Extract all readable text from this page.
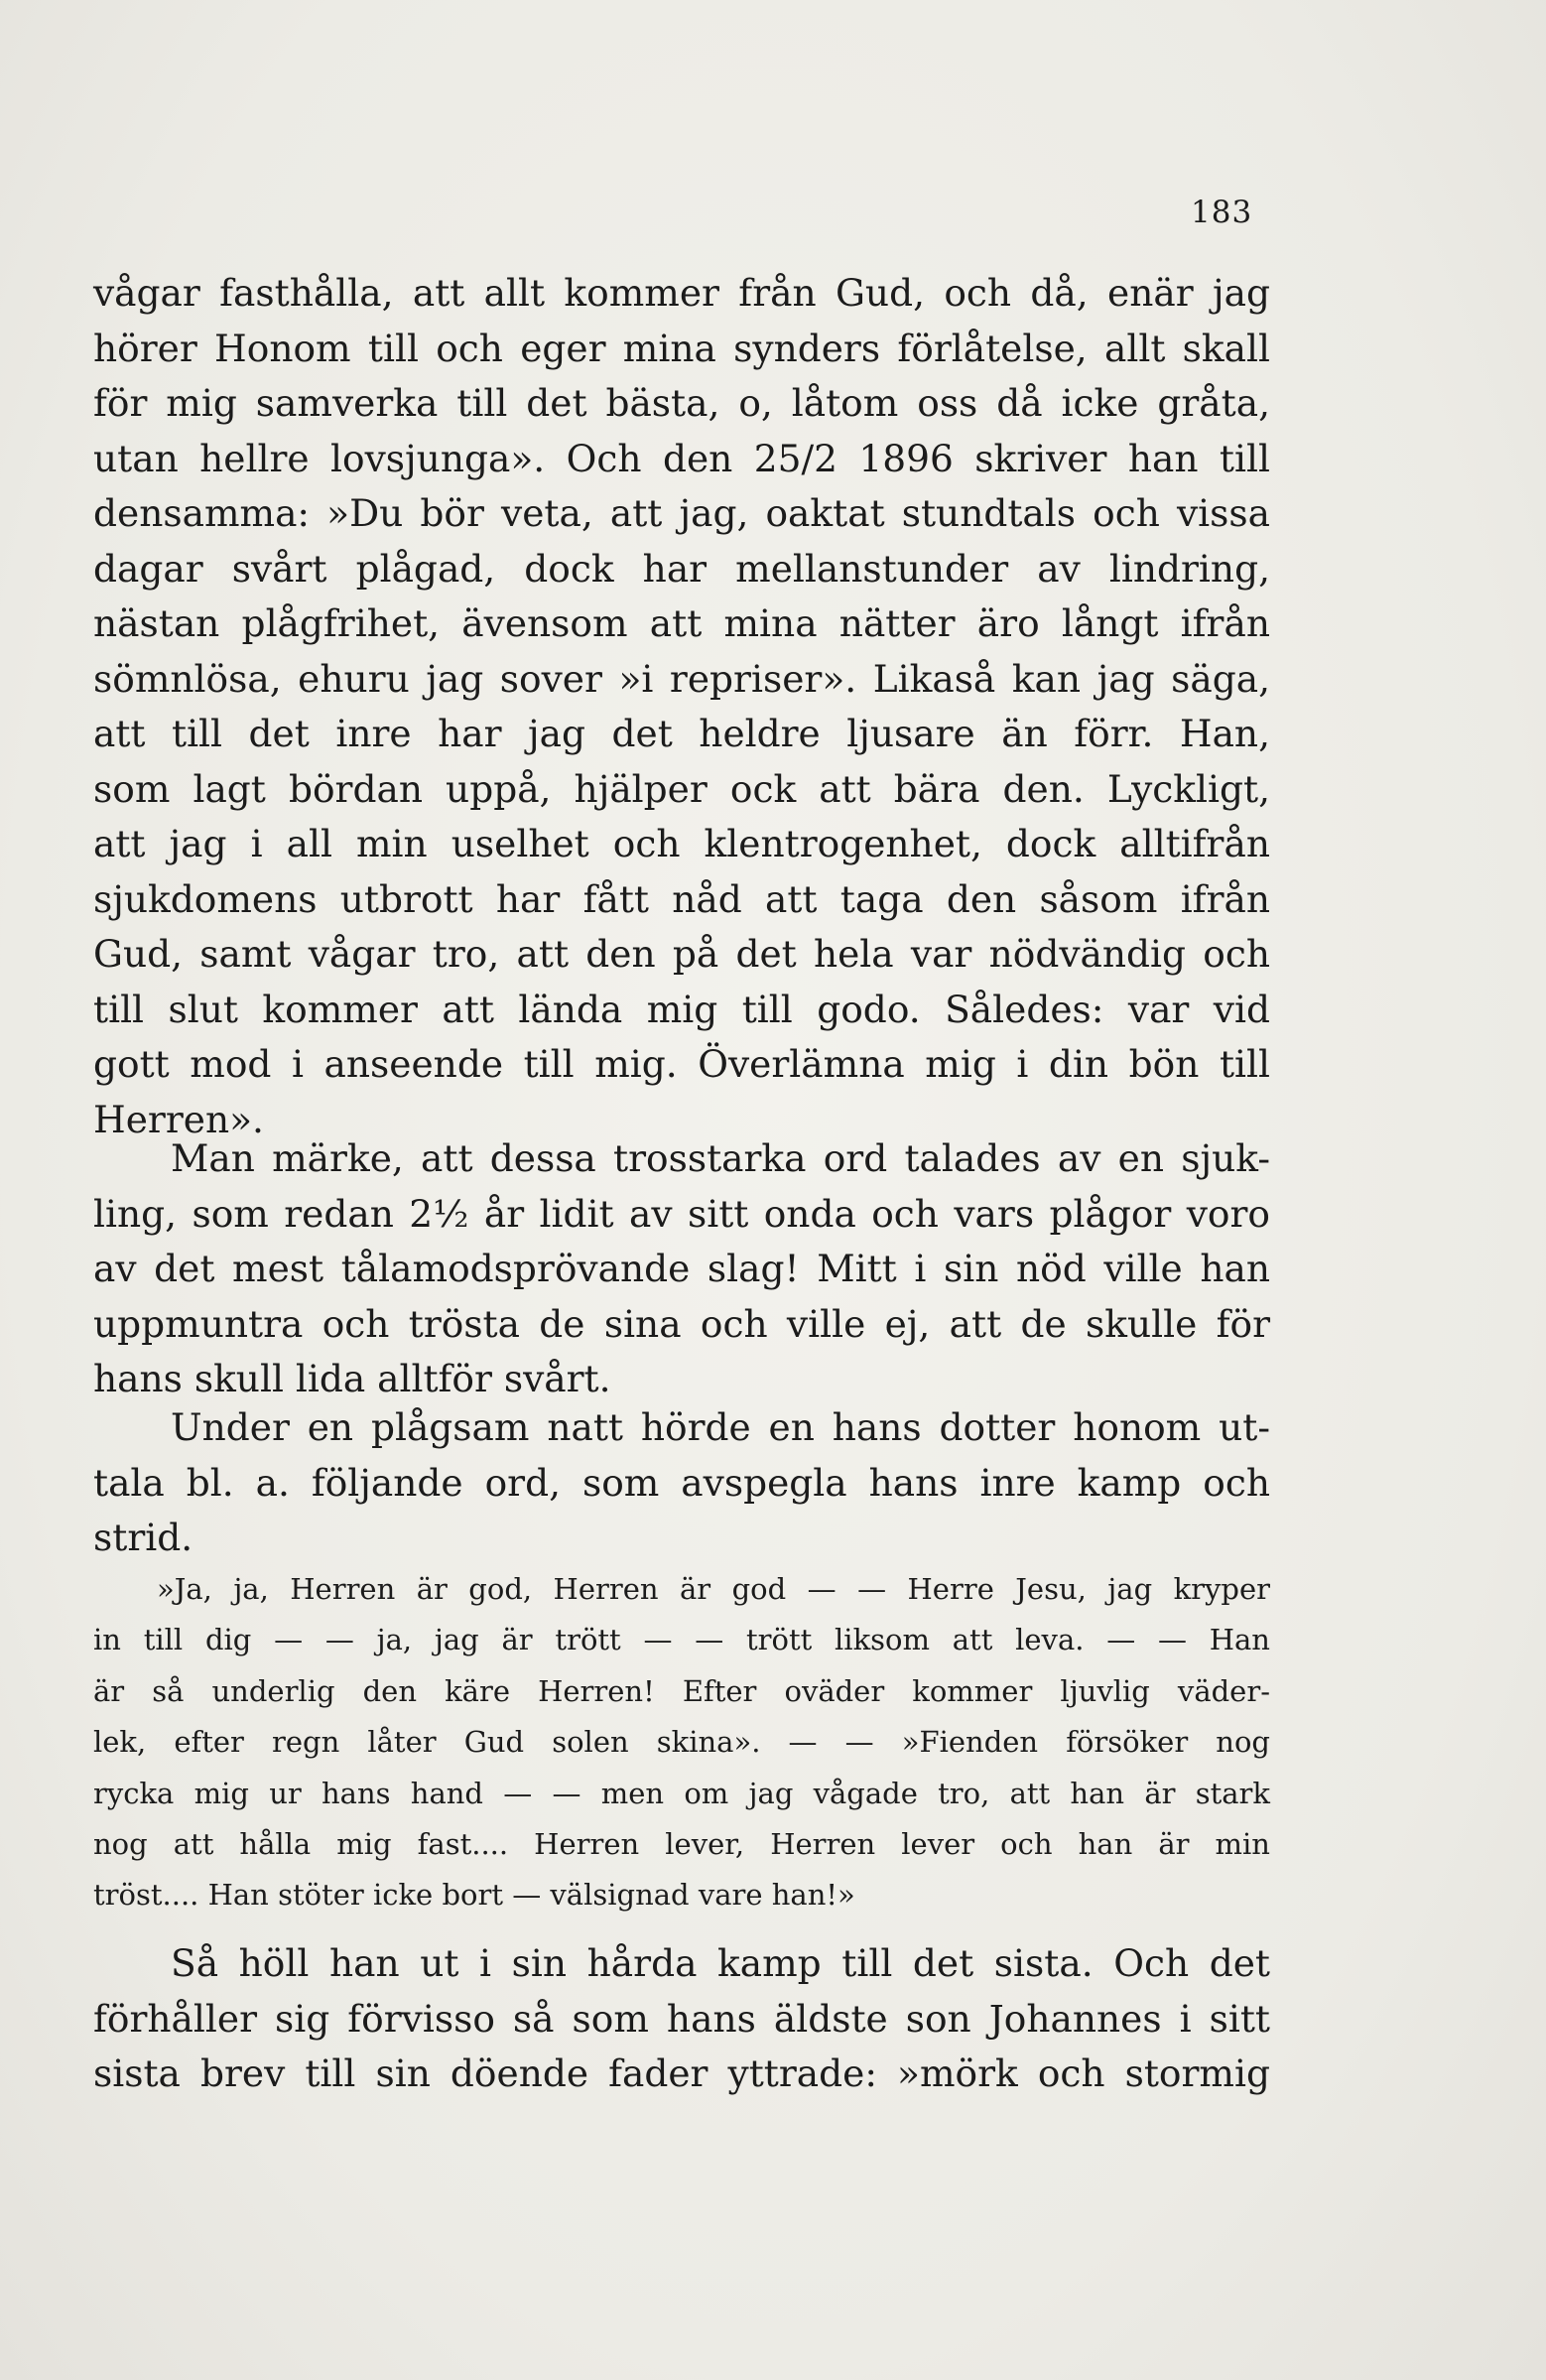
183
vågar fasthålla, att allt kommer från Gud, och då, enär jag
hörer Honom till och eger mina synders förlåtelse, allt skall
för mig samverka till det bästa, o, låtom oss då icke gråta,
utan hellre lovsjunga». Och den 25/2 1896 skriver han till
densamma: »Du bör veta, att jag, oaktat stundtals och vissa
dagar svårt plågad, dock har mellanstunder av lindring,
nästan plågfrihet, ävensom att mina nätter äro långt ifrån
sömnlösa, ehuru jag sover »i repriser». Likaså kan jag säga,
att till det inre har jag det heldre ljusare än förr. Han,
som lagt bördan uppå, hjälper ock att bära den. Lyckligt,
att jag i all min uselhet och klentrogenhet, dock alltifrån
sjukdomens utbrott har fått nåd att taga den såsom ifrån
Gud, samt vågar tro, att den på det hela var nödvändig och
till slut kommer att lända mig till godo. Således: var vid
gott mod i anseende till mig. Överlämna mig i din bön till
Herren».
Man märke, att dessa trosstarka ord talades av en sjuk-
ling, som redan 2½ år lidit av sitt onda och vars plågor voro
av det mest tålamodsprövande slag! Mitt i sin nöd ville han
uppmuntra och trösta de sina och ville ej, att de skulle för
hans skull lida alltför svårt.
Under en plågsam natt hörde en hans dotter honom ut-
tala bl. a. följande ord, som avspegla hans inre kamp och
strid.
»Ja, ja, Herren är god, Herren är god — — Herre Jesu, jag kryper
in till dig — — ja, jag är trött — — trött liksom att leva. — — Han
är så underlig den käre Herren! Efter oväder kommer ljuvlig väder-
lek, efter regn låter Gud solen skina». — — »Fienden försöker nog
rycka mig ur hans hand — — men om jag vågade tro, att han är stark
nog att hålla mig fast.... Herren lever, Herren lever och han är min
tröst.... Han stöter icke bort — välsignad vare han!»
Så höll han ut i sin hårda kamp till det sista. Och det
förhåller sig förvisso så som hans äldste son Johannes i sitt
sista brev till sin döende fader yttrade: »mörk och stormig
